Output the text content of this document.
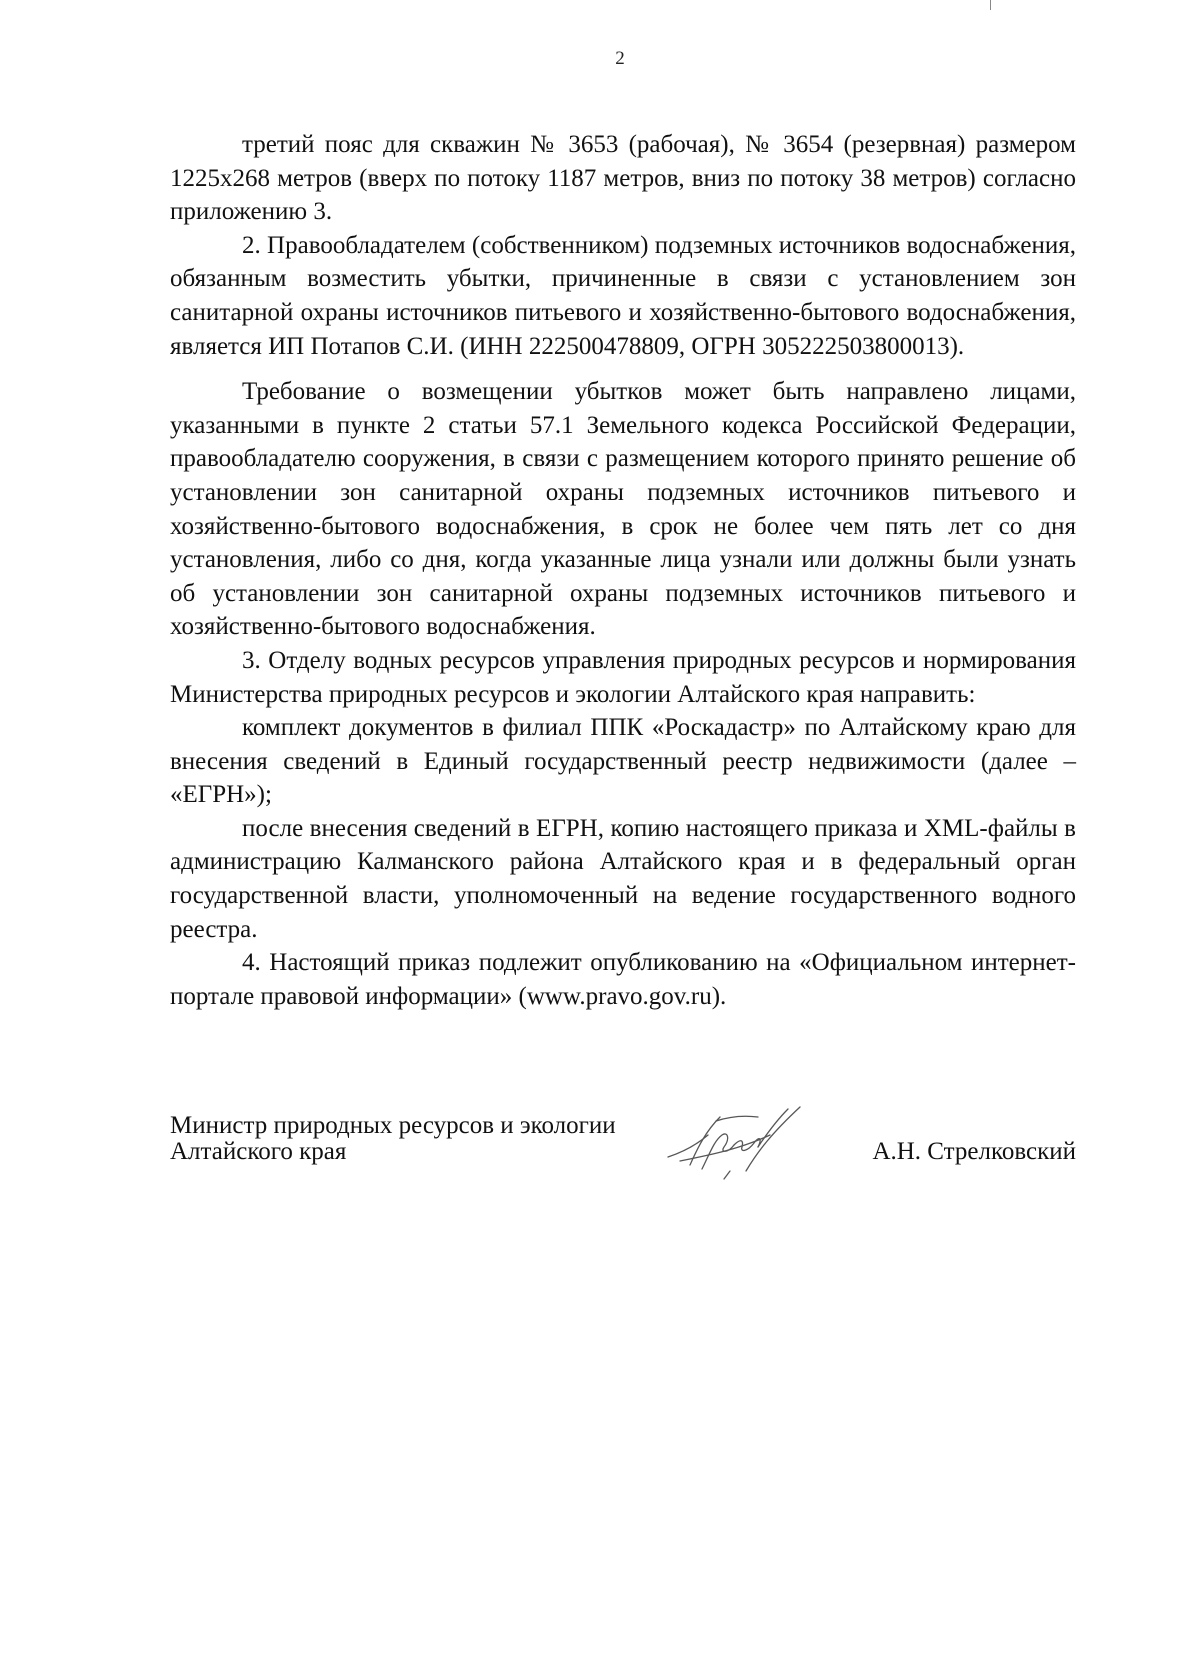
2

третий пояс для скважин № 3653 (рабочая), № 3654 (резервная) размером 1225х268 метров (вверх по потоку 1187 метров, вниз по потоку 38 метров) согласно приложению 3.

2. Правообладателем (собственником) подземных источников водоснабжения, обязанным возместить убытки, причиненные в связи с установлением зон санитарной охраны источников питьевого и хозяйственно-бытового водоснабжения, является ИП Потапов С.И. (ИНН 222500478809, ОГРН 305222503800013).

Требование о возмещении убытков может быть направлено лицами, указанными в пункте 2 статьи 57.1 Земельного кодекса Российской Федерации, правообладателю сооружения, в связи с размещением которого принято решение об установлении зон санитарной охраны подземных источников питьевого и хозяйственно-бытового водоснабжения, в срок не более чем пять лет со дня установления, либо со дня, когда указанные лица узнали или должны были узнать об установлении зон санитарной охраны подземных источников питьевого и хозяйственно-бытового водоснабжения.

3. Отделу водных ресурсов управления природных ресурсов и нормирования Министерства природных ресурсов и экологии Алтайского края направить:

комплект документов в филиал ППК «Роскадастр» по Алтайскому краю для внесения сведений в Единый государственный реестр недвижимости (далее – «ЕГРН»);

после внесения сведений в ЕГРН, копию настоящего приказа и XML-файлы в администрацию Калманского района Алтайского края и в федеральный орган государственной власти, уполномоченный на ведение государственного водного реестра.

4. Настоящий приказ подлежит опубликованию на «Официальном интернет-портале правовой информации» (www.pravo.gov.ru).

Министр природных ресурсов и экологии
Алтайского края	А.Н. Стрелковский
